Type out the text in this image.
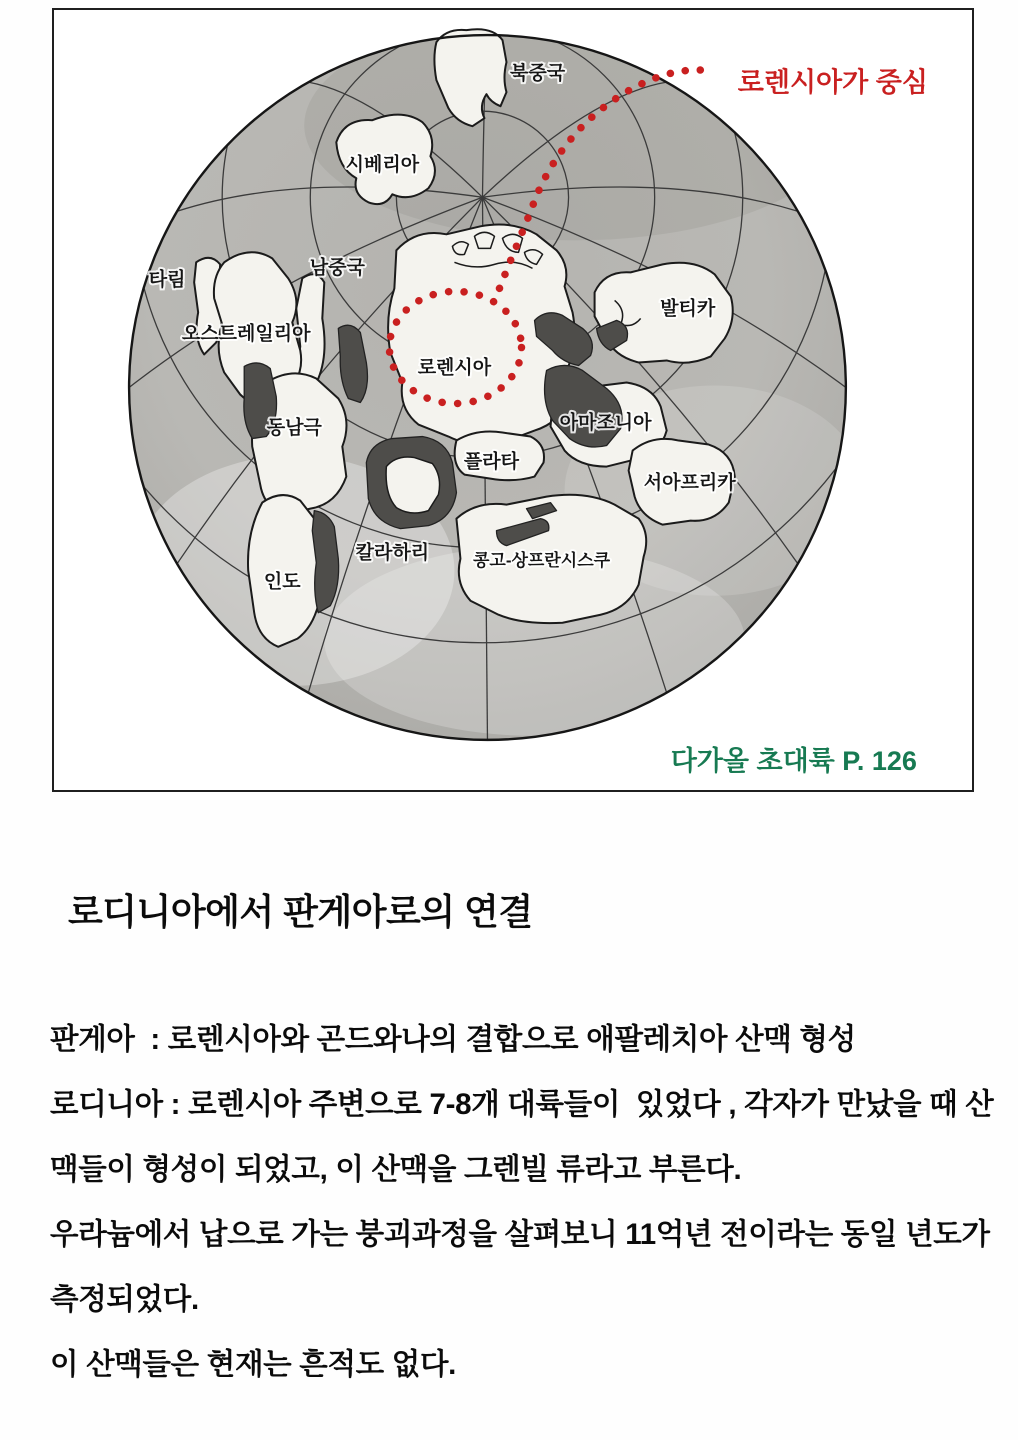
북중국
시베리아
남중국
타림
오스트레일리아
로렌시아
발티카
동남극	아마조니아
플라타
서아프리카
칼라하리
인도
콩고-상프란시스쿠
로렌시아가 중심
다가올 초대륙 P. 126
로디니아에서 판게아로의 연결
판게아  : 로렌시아와 곤드와나의 결합으로 애팔레치아 산맥 형성
로디니아 : 로렌시아 주변으로 7-8개 대륙들이  있었다 , 각자가 만났을 때 산
맥들이 형성이 되었고, 이 산맥을 그렌빌 류라고 부른다.
우라늄에서 납으로 가는 붕괴과정을 살펴보니 11억년 전이라는 동일 년도가
측정되었다.
이 산맥들은 현재는 흔적도 없다.
